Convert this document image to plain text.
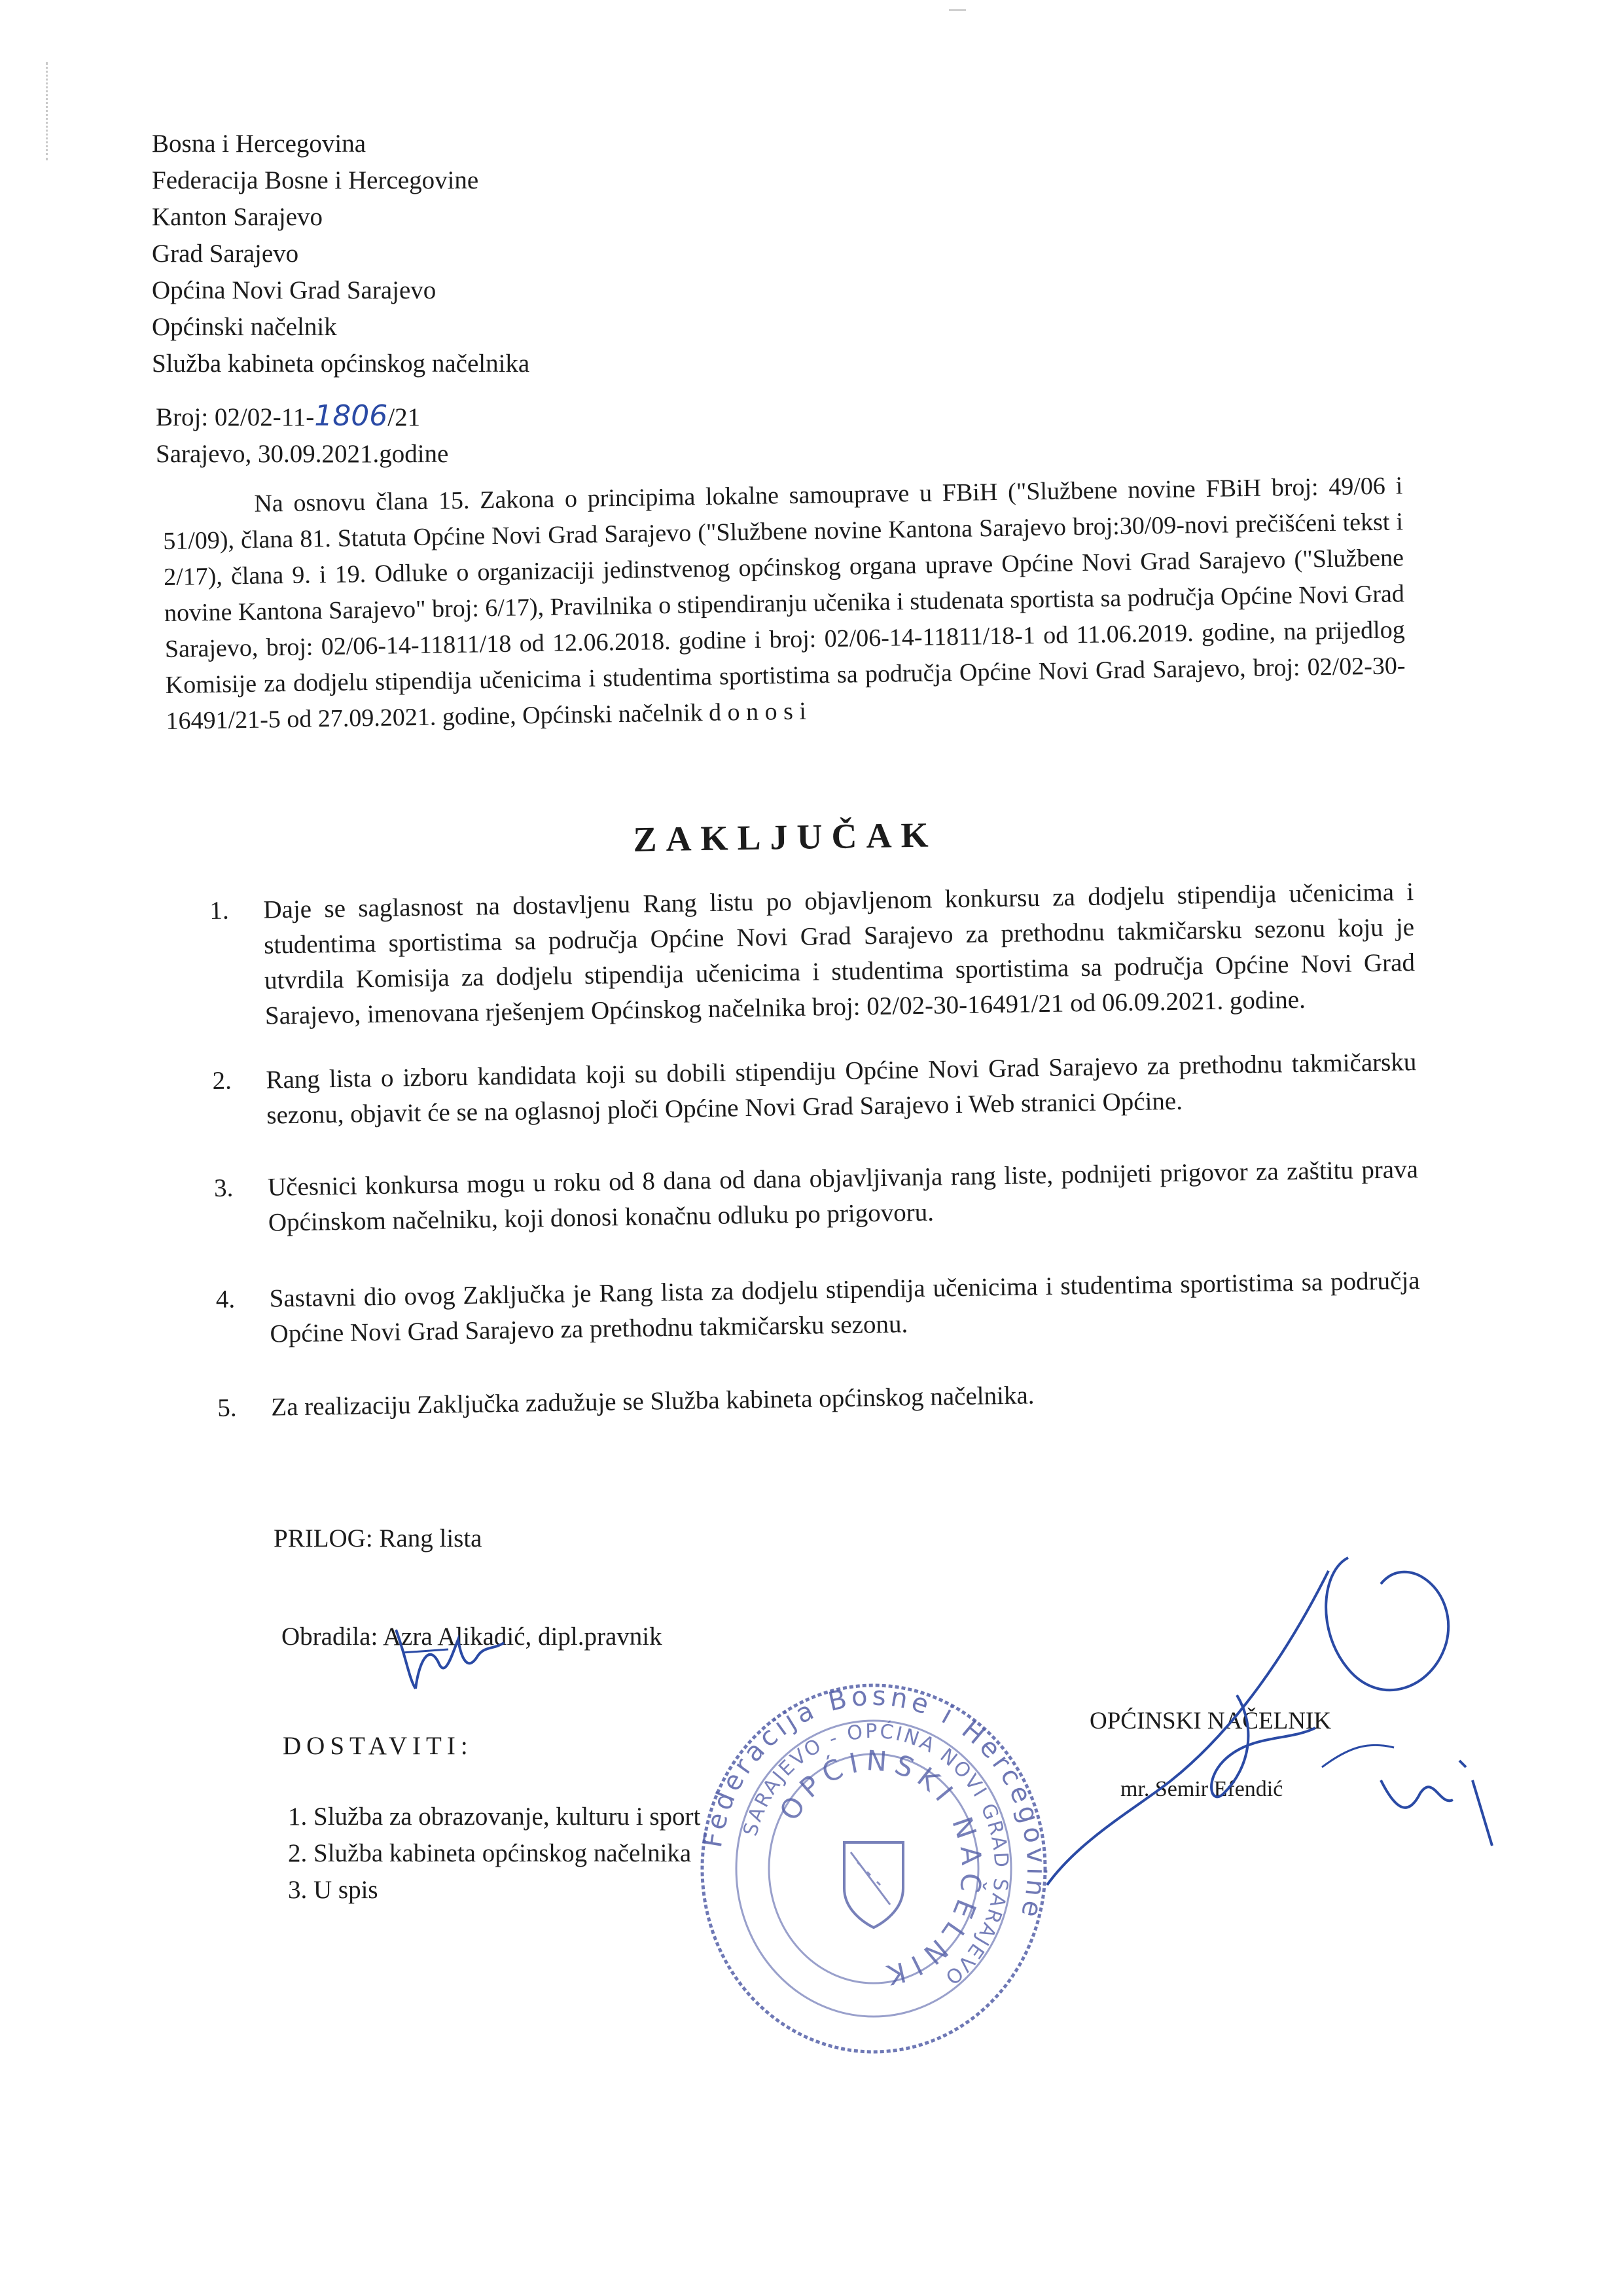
Bosna i Hercegovina
Federacija Bosne i Hercegovine
Kanton Sarajevo
Grad Sarajevo
Općina Novi Grad Sarajevo
Općinski načelnik
Služba kabineta općinskog načelnika
Broj: 02/02-11-1806/21
Sarajevo, 30.09.2021.godine
Na osnovu člana 15. Zakona o principima lokalne samouprave u FBiH ("Službene novine FBiH broj: 49/06 i 51/09), člana 81. Statuta Općine Novi Grad Sarajevo ("Službene novine Kantona Sarajevo broj:30/09-novi prečišćeni tekst i 2/17), člana 9. i 19. Odluke o organizaciji jedinstvenog općinskog organa uprave Općine Novi Grad Sarajevo ("Službene novine Kantona Sarajevo" broj: 6/17), Pravilnika o stipendiranju učenika i studenata sportista sa područja Općine Novi Grad Sarajevo, broj: 02/06-14-11811/18 od 12.06.2018. godine i broj: 02/06-14-11811/18-1 od 11.06.2019. godine, na prijedlog Komisije za dodjelu stipendija učenicima i studentima sportistima sa područja Općine Novi Grad Sarajevo, broj: 02/02-30-16491/21-5 od 27.09.2021. godine, Općinski načelnik d o n o s i
ZAKLJUČAK
1. Daje se saglasnost na dostavljenu Rang listu po objavljenom konkursu za dodjelu stipendija učenicima i studentima sportistima sa područja Općine Novi Grad Sarajevo za prethodnu takmičarsku sezonu koju je utvrdila Komisija za dodjelu stipendija učenicima i studentima sportistima sa područja Općine Novi Grad Sarajevo, imenovana rješenjem Općinskog načelnika broj: 02/02-30-16491/21 od 06.09.2021. godine.
2. Rang lista o izboru kandidata koji su dobili stipendiju Općine Novi Grad Sarajevo za prethodnu takmičarsku sezonu, objavit će se na oglasnoj ploči Općine Novi Grad Sarajevo i Web stranici Općine.
3. Učesnici konkursa mogu u roku od 8 dana od dana objavljivanja rang liste, podnijeti prigovor za zaštitu prava Općinskom načelniku, koji donosi konačnu odluku po prigovoru.
4. Sastavni dio ovog Zaključka je Rang lista za dodjelu stipendija učenicima i studentima sportistima sa područja Općine Novi Grad Sarajevo za prethodnu takmičarsku sezonu.
5. Za realizaciju Zaključka zadužuje se Služba kabineta općinskog načelnika.
PRILOG: Rang lista
Obradila: Azra Alikadić, dipl.pravnik
DOSTAVITI:
1. Služba za obrazovanje, kulturu i sport
2. Služba kabineta općinskog načelnika
3. U spis
OPĆINSKI NAČELNIK
mr. Semir Efendić
Federacija Bosne i Hercegovine
SARAJEVO - OPĆINA NOVI GRAD SARAJEVO
OPĆINSKI NAČELNIK
